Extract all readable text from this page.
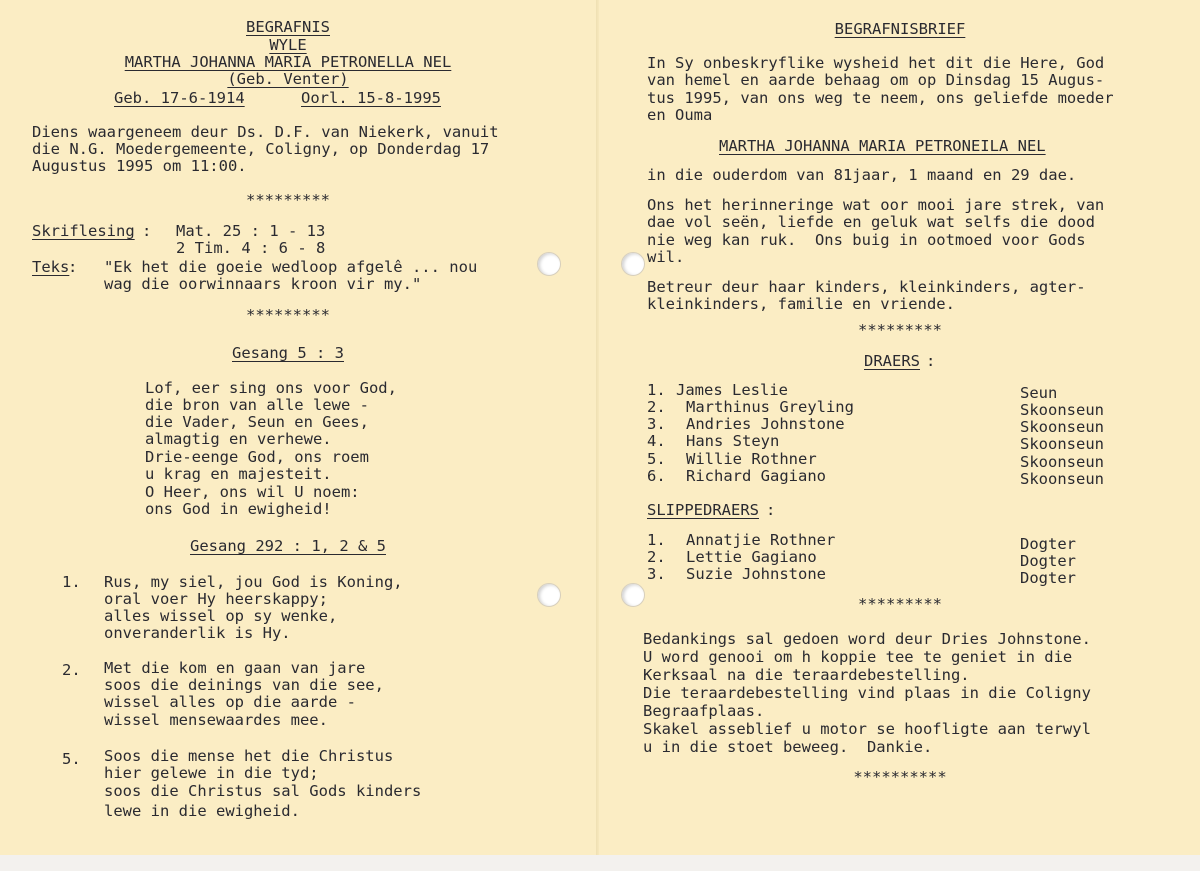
BEGRAFNIS
WYLE
MARTHA JOHANNA MARIA PETRONELLA NEL
(Geb. Venter)
Geb. 17-6-1914	Oorl. 15-8-1995
Diens waargeneem deur Ds. D.F. van Niekerk, vanuit
die N.G. Moedergemeente, Coligny, op Donderdag 17
Augustus 1995 om 11:00.
*********
Skriflesing : Mat. 25 : 1 - 13
2 Tim. 4 : 6 - 8
Teks
: "Ek het die goeie wedloop afgelê ... nou
wag die oorwinnaars kroon vir my."
*********
Gesang 5 : 3
Lof, eer sing ons voor God,
die bron van alle lewe -
die Vader, Seun en Gees,
almagtig en verhewe.
Drie-eenge God, ons roem
u krag en majesteit.
O Heer, ons wil U noem:
ons God in ewigheid!
Gesang 292 : 1, 2 & 5
1. Rus, my siel, jou God is Koning,
oral voer Hy heerskappy;
alles wissel op sy wenke,
onveranderlik is Hy.
2. Met die kom en gaan van jare
soos die deinings van die see,
wissel alles op die aarde -
wissel mensewaardes mee.
5. Soos die mense het die Christus
hier gelewe in die tyd;
soos die Christus sal Gods kinders
lewe in die ewigheid.
BEGRAFNISBRIEF
In Sy onbeskryflike wysheid het dit die Here, God
van hemel en aarde behaag om op Dinsdag 15 Augus-
tus 1995, van ons weg te neem, ons geliefde moeder
en Ouma
MARTHA JOHANNA MARIA PETRONEILA NEL
in die ouderdom van 81jaar, 1 maand en 29 dae.
Ons het herinneringe wat oor mooi jare strek, van
dae vol seën, liefde en geluk wat selfs die dood
nie weg kan ruk.  Ons buig in ootmoed voor Gods
wil.
Betreur deur haar kinders, kleinkinders, agter-
kleinkinders, familie en vriende.
*********
DRAERS :
1. James Leslie	Seun
2. Marthinus Greyling	Skoonseun
3. Andries Johnstone	Skoonseun
4. Hans Steyn	Skoonseun
5. Willie Rothner	Skoonseun
6. Richard Gagiano	Skoonseun
SLIPPEDRAERS :
1. Annatjie Rothner	Dogter
2. Lettie Gagiano	Dogter
3. Suzie Johnstone	Dogter
*********
Bedankings sal gedoen word deur Dries Johnstone.
U word genooi om h koppie tee te geniet in die
Kerksaal na die teraardebestelling.
Die teraardebestelling vind plaas in die Coligny
Begraafplaas.
Skakel asseblief u motor se hoofligte aan terwyl
u in die stoet beweeg.  Dankie.
**********
